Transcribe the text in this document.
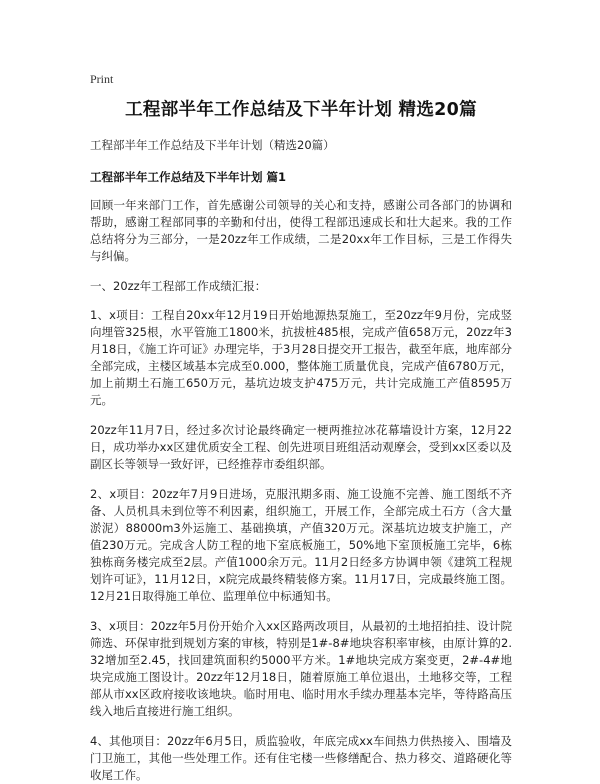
Print
工程部半年工作总结及下半年计划 精选20篇
工程部半年工作总结及下半年计划（精选20篇）
工程部半年工作总结及下半年计划 篇1

回顾一年来部门工作，首先感谢公司领导的关心和支持，感谢公司各部门的协调和帮助，感谢工程部同事的辛勤和付出，使得工程部迅速成长和壮大起来。我的工作总结将分为三部分，一是20zz年工作成绩，二是20xx年工作目标，三是工作得失与纠偏。

一、20zz年工程部工作成绩汇报：

1、x项目：工程自20xx年12月19日开始地源热泵施工，至20zz年9月份，完成竖向埋管325根，水平管施工1800米，抗拔桩485根，完成产值658万元，20zz年3月18日，《施工许可证》办理完毕，于3月28日提交开工报告，截至年底，地库部分全部完成，主楼区域基本完成至0.000，整体施工质量优良，完成产值6780万元，加上前期土石施工650万元，基坑边坡支护475万元，共计完成施工产值8595万元。

20zz年11月7日，经过多次讨论最终确定一梗两推拉冰花幕墙设计方案，12月22日，成功举办xx区建优质安全工程、创先进项目班组活动观摩会，受到xx区委以及副区长等领导一致好评，已经推荐市委组织部。

2、x项目：20zz年7月9日进场，克服汛期多雨、施工设施不完善、施工图纸不齐备、人员机具未到位等不利因素，组织施工，开展工作，全部完成土石方（含大量淤泥）88000m3外运施工、基础换填，产值320万元。深基坑边坡支护施工，产值230万元。完成含人防工程的地下室底板施工，50%地下室顶板施工完毕，6栋独栋商务楼完成至2层。产值1000余万元。11月2日经多方协调申领《建筑工程规划许可证》，11月12日，x院完成最终精装修方案。11月17日，完成最终施工图。12月21日取得施工单位、监理单位中标通知书。

3、x项目：20zz年5月份开始介入xx区路两改项目，从最初的土地招拍挂、设计院筛选、环保审批到规划方案的审核，特别是1#-8#地块容积率审核，由原计算的2.32增加至2.45，找回建筑面积约5000平方米。1#地块完成方案变更，2#-4#地块完成施工图设计。20zz年12月18日，随着原施工单位退出，土地移交等，工程部从市xx区政府接收该地块。临时用电、临时用水手续办理基本完毕，等待路高压线入地后直接进行施工组织。

4、其他项目：20zz年6月5日，质监验收，年底完成xx车间热力供热接入、围墙及门卫施工，其他一些处理工作。还有住宅楼一些修缮配合、热力移交、道路硬化等收尾工作。
